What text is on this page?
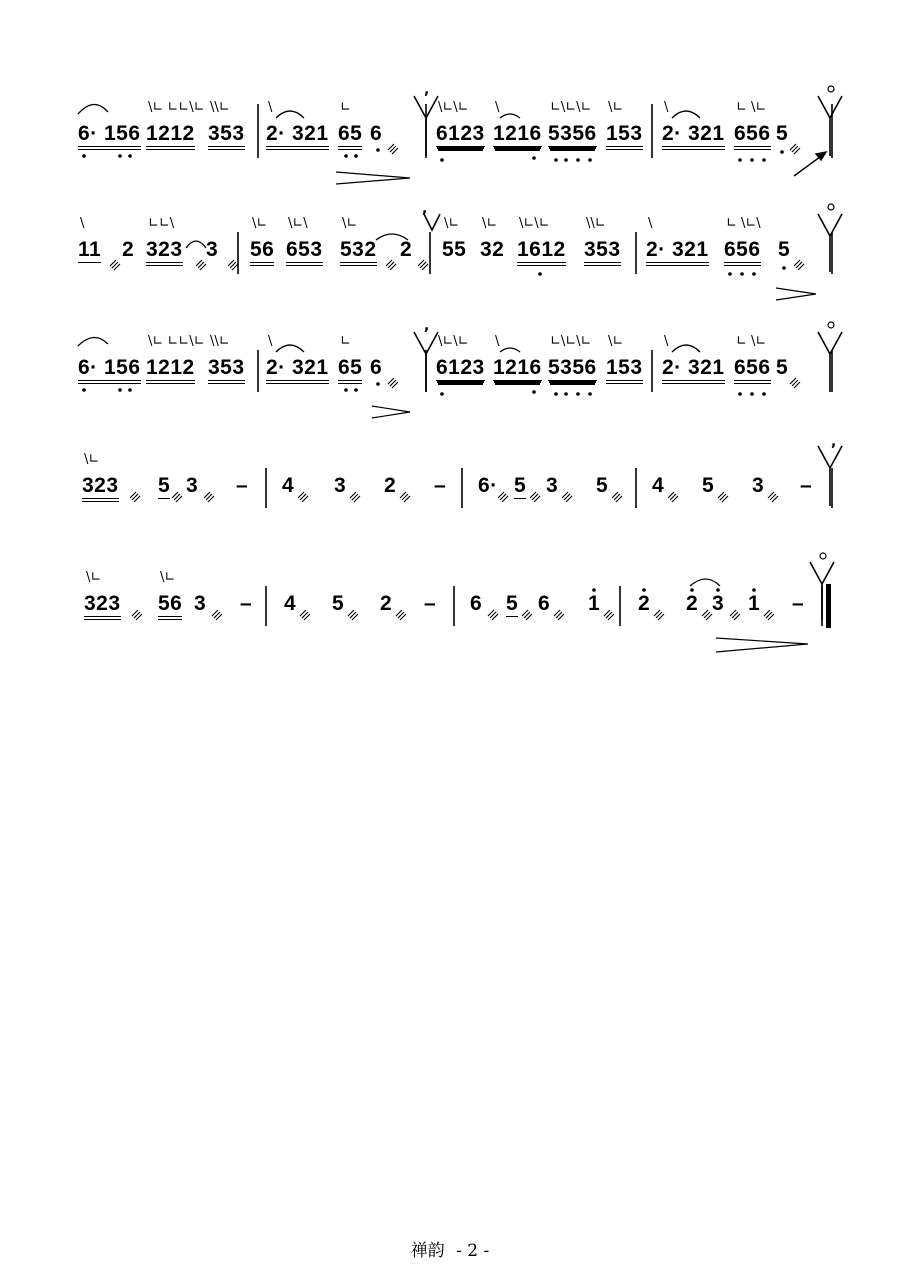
,
,
,
,
6· 156 1212
\∟ ∟∟\∟
353
\\∟
2· 321
\
65
∟
6	6123
\∟\∟
1216
\
5356
∟\∟\∟
153
\∟
2· 321
\
656
∟ \∟
5
11
\
2 323
∟∟\
3 56
\∟
653
\∟\
532
\∟
2 55
\∟
32
\∟
1612
\∟\∟
353
\\∟
2· 321
\
656
∟ \∟\
5
6· 156 1212
\∟ ∟∟\∟
353
\\∟
2· 321
\
65
∟
6	6123
\∟\∟
1216
\
5356
∟\∟\∟
153
\∟
2· 321
\
656
∟ \∟
5
323
\∟
5 3 – 4 3 2 – 6· 5 3 5 4 5 3 –
323
\∟
56
\∟
3 – 4 5 2 – 6 5 6 1 2 2 3 1 –
禅韵 - 2 -
